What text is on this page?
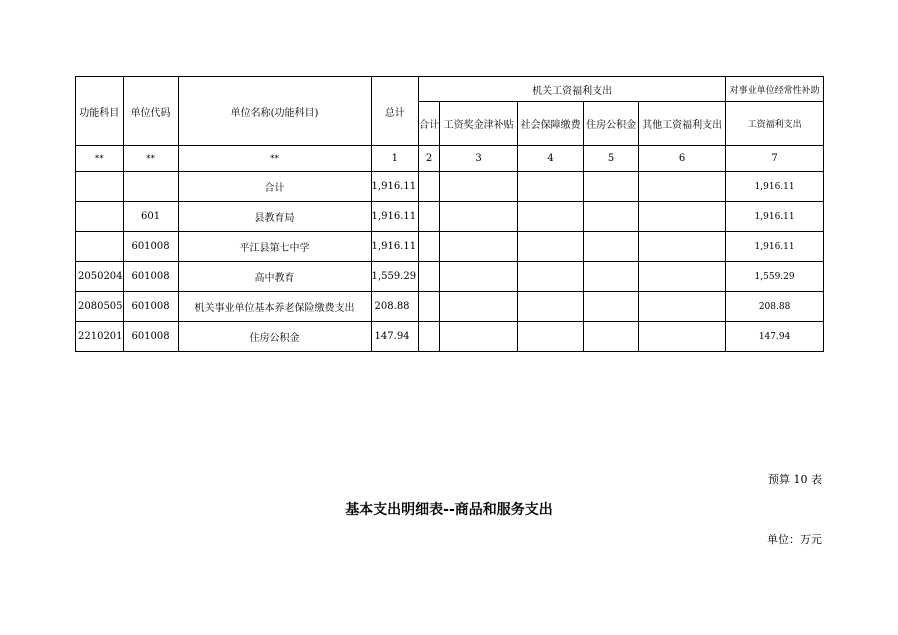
功能科目	单位代码	单位名称(功能科目)	总计	机关工资福利支出					对事业单位经常性补助
				合计	工资奖金津补贴	社会保障缴费	住房公积金	其他工资福利支出	工资福利支出
**	**	**	1	2	3	4	5	6	7
		合计	1,916.11						1,916.11
	601	县教育局	1,916.11						1,916.11
	601008	平江县第七中学	1,916.11						1,916.11
2050204	601008	高中教育	1,559.29						1,559.29
2080505	601008	机关事业单位基本养老保险缴费支出	208.88						208.88
2210201	601008	住房公积金	147.94						147.94
预算 10 表
基本支出明细表--商品和服务支出
单位：万元
